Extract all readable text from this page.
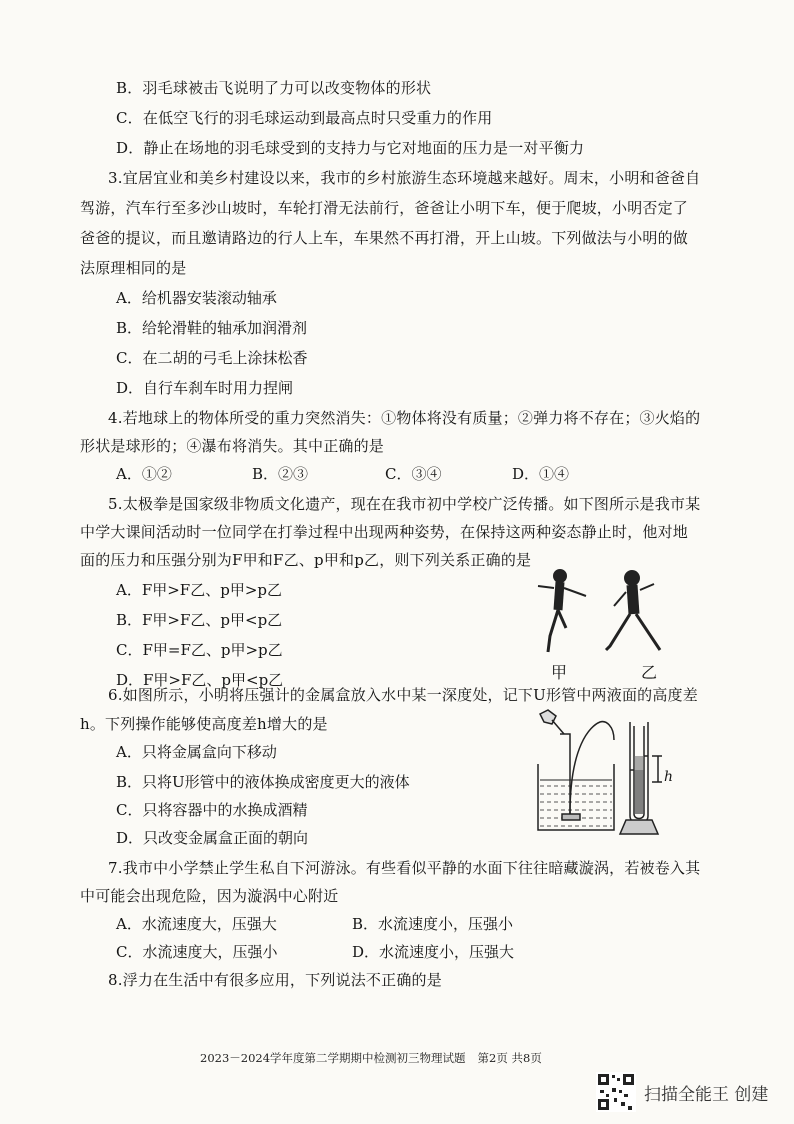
B．羽毛球被击飞说明了力可以改变物体的形状
C．在低空飞行的羽毛球运动到最高点时只受重力的作用
D．静止在场地的羽毛球受到的支持力与它对地面的压力是一对平衡力
3.宜居宜业和美乡村建设以来，我市的乡村旅游生态环境越来越好。周末，小明和爸爸自
驾游，汽车行至多沙山坡时，车轮打滑无法前行，爸爸让小明下车，便于爬坡，小明否定了
爸爸的提议，而且邀请路边的行人上车，车果然不再打滑，开上山坡。下列做法与小明的做
法原理相同的是
A．给机器安装滚动轴承
B．给轮滑鞋的轴承加润滑剂
C．在二胡的弓毛上涂抹松香
D．自行车刹车时用力捏闸
4.若地球上的物体所受的重力突然消失：①物体将没有质量；②弹力将不存在；③火焰的
形状是球形的；④瀑布将消失。其中正确的是
A．①②	B．②③	C．③④	D．①④
5.太极拳是国家级非物质文化遗产，现在在我市初中学校广泛传播。如下图所示是我市某
中学大课间活动时一位同学在打拳过程中出现两种姿势，在保持这两种姿态静止时，他对地
面的压力和压强分别为F甲和F乙、p甲和p乙，则下列关系正确的是
A．F甲>F乙、p甲>p乙
B．F甲>F乙、p甲<p乙
C．F甲=F乙、p甲>p乙
D．F甲>F乙、p甲<p乙	甲	乙
6.如图所示，小明将压强计的金属盒放入水中某一深度处，记下U形管中两液面的高度差
h。下列操作能够使高度差h增大的是
A．只将金属盒向下移动
B．只将U形管中的液体换成密度更大的液体
C．只将容器中的水换成酒精
D．只改变金属盒正面的朝向
h
7.我市中小学禁止学生私自下河游泳。有些看似平静的水面下往往暗藏漩涡，若被卷入其
中可能会出现危险，因为漩涡中心附近
A．水流速度大，压强大	B．水流速度小，压强小
C．水流速度大，压强小	D．水流速度小，压强大
8.浮力在生活中有很多应用，下列说法不正确的是
2023－2024学年度第二学期期中检测初三物理试题 第2页 共8页
扫描全能王 创建
